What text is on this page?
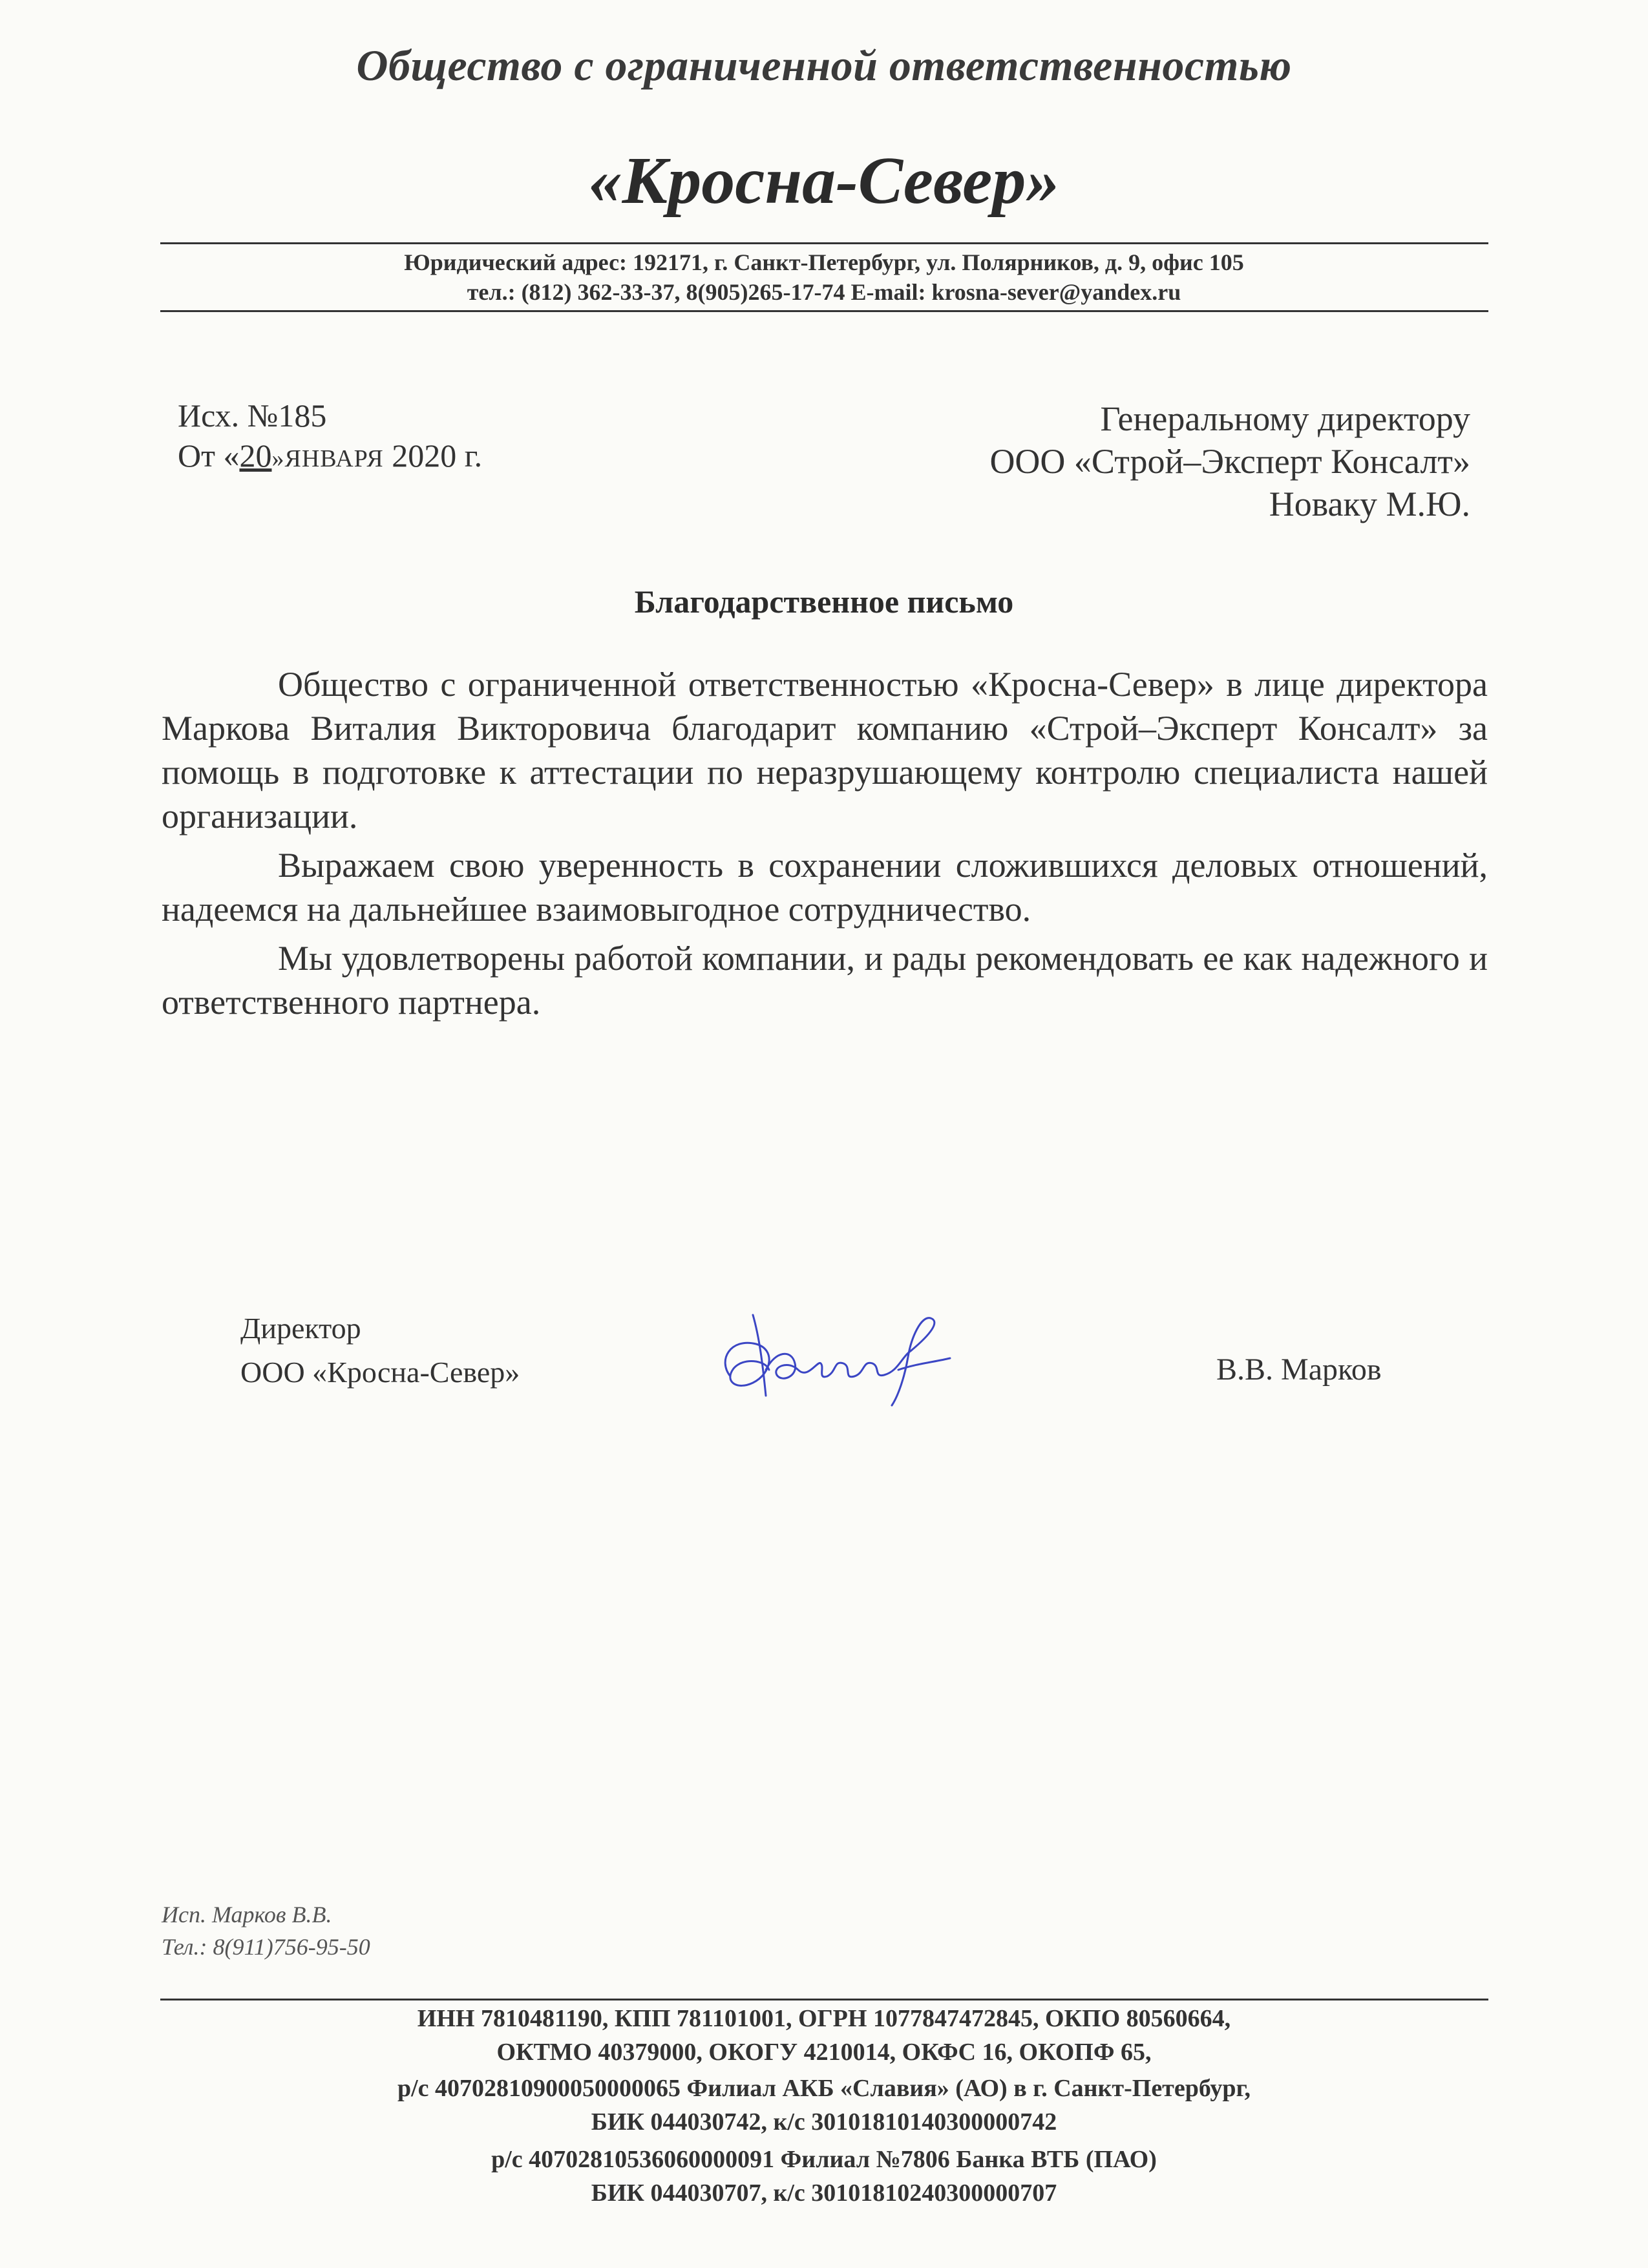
Общество с ограниченной ответственностью
«Кросна-Север»
Юридический адрес: 192171, г. Санкт-Петербург, ул. Полярников, д. 9, офис 105
тел.: (812) 362-33-37, 8(905)265-17-74 E-mail: krosna-sever@yandex.ru
Исх. №185
От «20»ЯНВАРЯ 2020 г.
Генеральному директору
ООО «Строй–Эксперт Консалт»
Новаку М.Ю.
Благодарственное письмо

Общество с ограниченной ответственностью «Кросна-Север» в лице директора Маркова Виталия Викторовича благодарит компанию «Строй–Эксперт Консалт» за помощь в подготовке к аттестации по неразрушающему контролю специалиста нашей организации.

Выражаем свою уверенность в сохранении сложившихся деловых отношений, надеемся на дальнейшее взаимовыгодное сотрудничество.

Мы удовлетворены работой компании, и рады рекомендовать ее как надежного и ответственного партнера.

Директор
ООО «Кросна-Север»	В.В. Марков
Исп. Марков В.В.
Тел.: 8(911)756-95-50
ИНН 7810481190, КПП 781101001, ОГРН 1077847472845, ОКПО 80560664,
ОКТМО 40379000, ОКОГУ 4210014, ОКФС 16, ОКОПФ 65,
р/с 40702810900050000065 Филиал АКБ «Славия» (АО) в г. Санкт-Петербург,
БИК 044030742, к/с 30101810140300000742
р/с 40702810536060000091 Филиал №7806 Банка ВТБ (ПАО)
БИК 044030707, к/с 30101810240300000707
